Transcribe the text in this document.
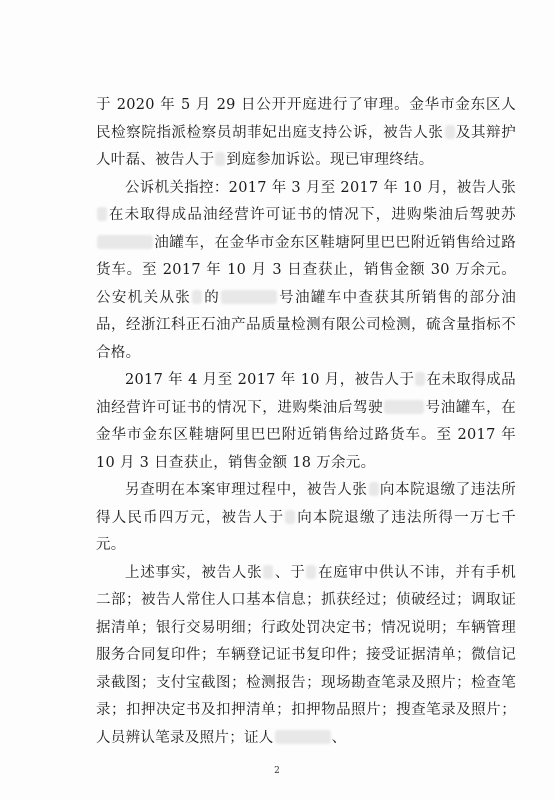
于 2020 年 5 月 29 日公开开庭进行了审理。金华市金东区人民检察院指派检察员胡菲妃出庭支持公诉，被告人张 及其辩护人叶磊、被告人于 到庭参加诉讼。现已审理终结。

公诉机关指控：2017 年 3 月至 2017 年 10 月，被告人张在未取得成品油经营许可证书的情况下，进购柴油后驾驶苏油罐车，在金华市金东区鞋塘阿里巴巴附近销售给过路货车。至 2017 年 10 月 3 日查获止，销售金额 30 万余元。公安机关从张 的	号油罐车中查获其所销售的部分油品，经浙江科正石油产品质量检测有限公司检测，硫含量指标不合格。

2017 年 4 月至 2017 年 10 月，被告人于 在未取得成品油经营许可证书的情况下，进购柴油后驾驶	号油罐车，在金华市金东区鞋塘阿里巴巴附近销售给过路货车。至 2017 年 10 月 3 日查获止，销售金额 18 万余元。

另查明在本案审理过程中，被告人张 向本院退缴了违法所得人民币四万元，被告人于 向本院退缴了违法所得一万七千元。

上述事实，被告人张 、于 在庭审中供认不讳，并有手机二部；被告人常住人口基本信息；抓获经过；侦破经过；调取证据清单；银行交易明细；行政处罚决定书；情况说明；车辆管理服务合同复印件；车辆登记证书复印件；接受证据清单；微信记录截图；支付宝截图；检测报告；现场勘查笔录及照片；检查笔录；扣押决定书及扣押清单；扣押物品照片；搜查笔录及照片；人员辨认笔录及照片；证人	、

2
